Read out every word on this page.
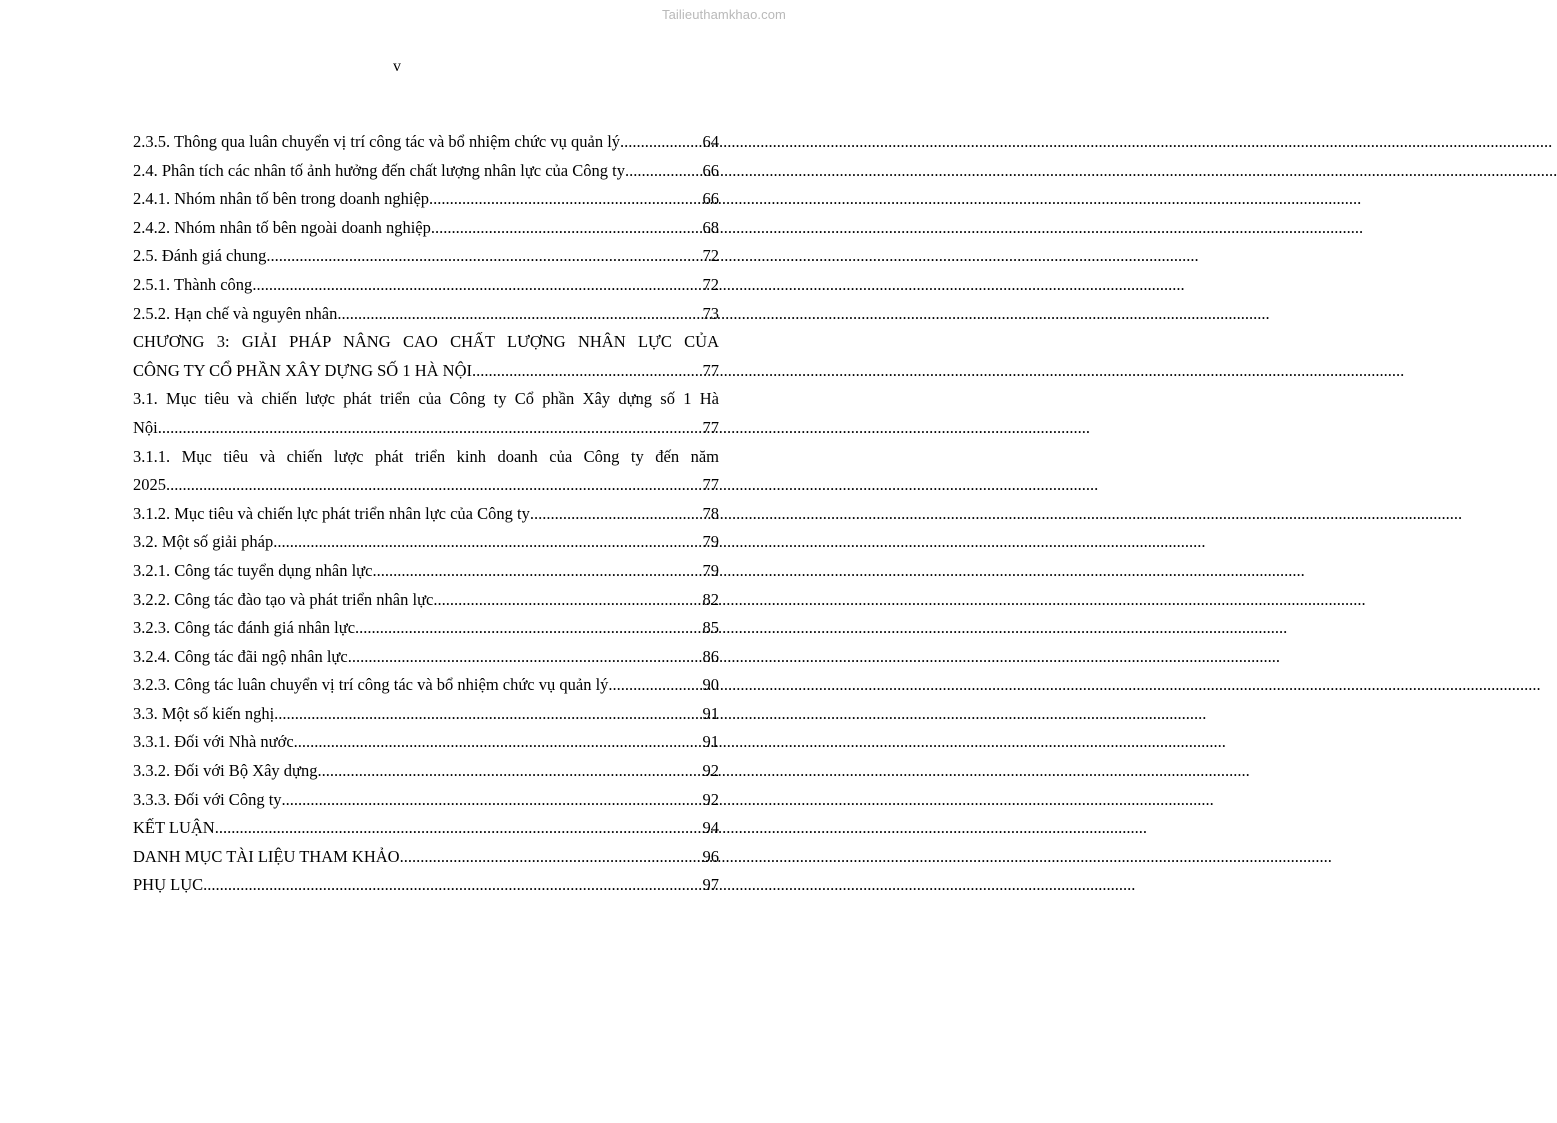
Tailieuthamkhao.com
v
2.3.5. Thông qua luân chuyển vị trí công tác và bổ nhiệm chức vụ quản lý .....	64
2.4. Phân tích các nhân tố ảnh hưởng đến chất lượng nhân lực của Công ty .....	66
2.4.1. Nhóm nhân tố bên trong doanh nghiệp .....	66
2.4.2. Nhóm nhân tố bên ngoài doanh nghiệp .....	68
2.5. Đánh giá chung .....	72
2.5.1. Thành công .....	72
2.5.2. Hạn chế và nguyên nhân .....	73
CHƯƠNG 3: GIẢI PHÁP NÂNG CAO CHẤT LƯỢNG NHÂN LỰC CỦA
CÔNG TY CỔ PHẦN XÂY DỰNG SỐ 1 HÀ NỘI .....	77
3.1. Mục tiêu và chiến lược phát triển của Công ty Cổ phần Xây dựng số 1 Hà
Nội .....	77
3.1.1. Mục tiêu và chiến lược phát triển kinh doanh của Công ty đến năm
2025 .....	77
3.1.2. Mục tiêu và chiến lực phát triển nhân lực của Công ty .....	78
3.2. Một số giải pháp .....	79
3.2.1. Công tác tuyển dụng nhân lực .....	79
3.2.2. Công tác đào tạo và phát triển nhân lực .....	82
3.2.3. Công tác đánh giá nhân lực .....	85
3.2.4. Công tác đãi ngộ nhân lực .....	86
3.2.3. Công tác luân chuyển vị trí công tác và bổ nhiệm chức vụ quản lý .....	90
3.3. Một số kiến nghị .....	91
3.3.1. Đối với Nhà nước .....	91
3.3.2. Đối với Bộ Xây dựng .....	92
3.3.3. Đối với Công ty .....	92
KẾT LUẬN .....	94
DANH MỤC TÀI LIỆU THAM KHẢO .....	96
PHỤ LỤC .....	97
